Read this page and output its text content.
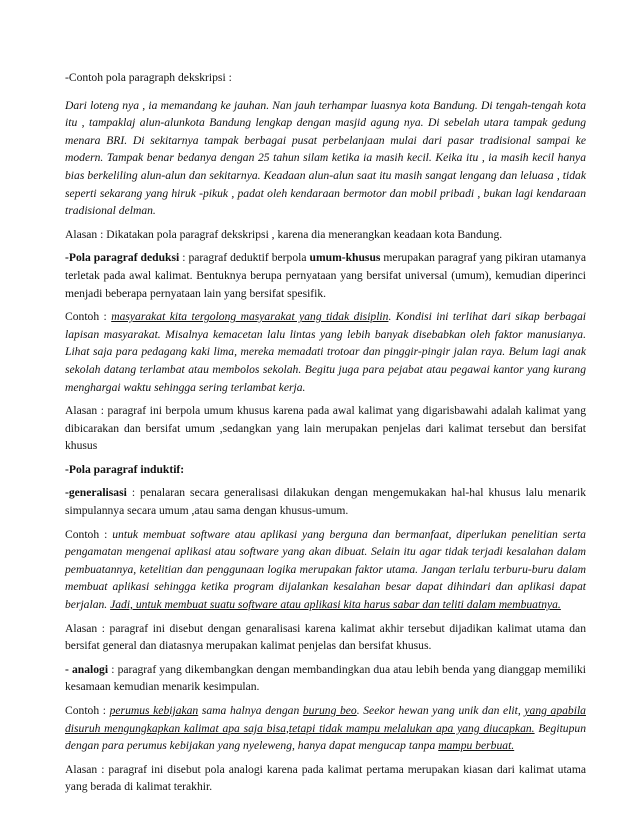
-Contoh pola paragraph dekskripsi :

Dari loteng nya , ia memandang ke jauhan. Nan jauh terhampar luasnya kota Bandung. Di tengah-tengah kota itu , tampaklaj alun-alunkota Bandung lengkap dengan masjid agung nya. Di sebelah utara tampak gedung menara BRI. Di sekitarnya tampak berbagai pusat perbelanjaan mulai dari pasar tradisional sampai ke modern. Tampak benar bedanya dengan 25 tahun silam ketika ia masih kecil. Keika itu , ia masih kecil hanya bias berkeliling alun-alun dan sekitarnya. Keadaan alun-alun saat itu masih sangat lengang dan leluasa , tidak seperti sekarang yang hiruk -pikuk , padat oleh kendaraan bermotor dan mobil pribadi , bukan lagi kendaraan tradisional delman.

Alasan : Dikatakan pola paragraf dekskripsi , karena dia menerangkan keadaan kota Bandung.

-Pola paragraf deduksi : paragraf deduktif berpola umum-khusus merupakan paragraf yang pikiran utamanya terletak pada awal kalimat. Bentuknya berupa pernyataan yang bersifat universal (umum), kemudian diperinci menjadi beberapa pernyataan lain yang bersifat spesifik.

Contoh : masyarakat kita tergolong masyarakat yang tidak disiplin. Kondisi ini terlihat dari sikap berbagai lapisan masyarakat. Misalnya kemacetan lalu lintas yang lebih banyak disebabkan oleh faktor manusianya. Lihat saja para pedagang kaki lima, mereka memadati trotoar dan pinggir-pingir jalan raya. Belum lagi anak sekolah datang terlambat atau membolos sekolah. Begitu juga para pejabat atau pegawai kantor yang kurang menghargai waktu sehingga sering terlambat kerja.

Alasan : paragraf ini berpola umum khusus karena pada awal kalimat yang digarisbawahi adalah kalimat yang dibicarakan dan bersifat umum ,sedangkan yang lain merupakan penjelas dari kalimat tersebut dan bersifat khusus

-Pola paragraf induktif:

-generalisasi : penalaran secara generalisasi dilakukan dengan mengemukakan hal-hal khusus lalu menarik simpulannya secara umum ,atau sama dengan khusus-umum.

Contoh : untuk membuat software atau aplikasi yang berguna dan bermanfaat, diperlukan penelitian serta pengamatan mengenai aplikasi atau software yang akan dibuat. Selain itu agar tidak terjadi kesalahan dalam pembuatannya, ketelitian dan penggunaan logika merupakan faktor utama. Jangan terlalu terburu-buru dalam membuat aplikasi sehingga ketika program dijalankan kesalahan besar dapat dihindari dan aplikasi dapat berjalan. Jadi, untuk membuat suatu software atau aplikasi kita harus sabar dan teliti dalam membuatnya.

Alasan : paragraf ini disebut dengan genaralisasi karena kalimat akhir tersebut dijadikan kalimat utama dan bersifat general dan diatasnya merupakan kalimat penjelas dan bersifat khusus.

- analogi : paragraf yang dikembangkan dengan membandingkan dua atau lebih benda yang dianggap memiliki kesamaan kemudian menarik kesimpulan.

Contoh : perumus kebijakan sama halnya dengan burung beo. Seekor hewan yang unik dan elit, yang apabila disuruh mengungkapkan kalimat apa saja bisa,tetapi tidak mampu melalukan apa yang diucapkan. Begitupun dengan para perumus kebijakan yang nyeleweng, hanya dapat mengucap tanpa mampu berbuat.

Alasan : paragraf ini disebut pola analogi karena pada kalimat pertama merupakan kiasan dari kalimat utama yang berada di kalimat terakhir.
